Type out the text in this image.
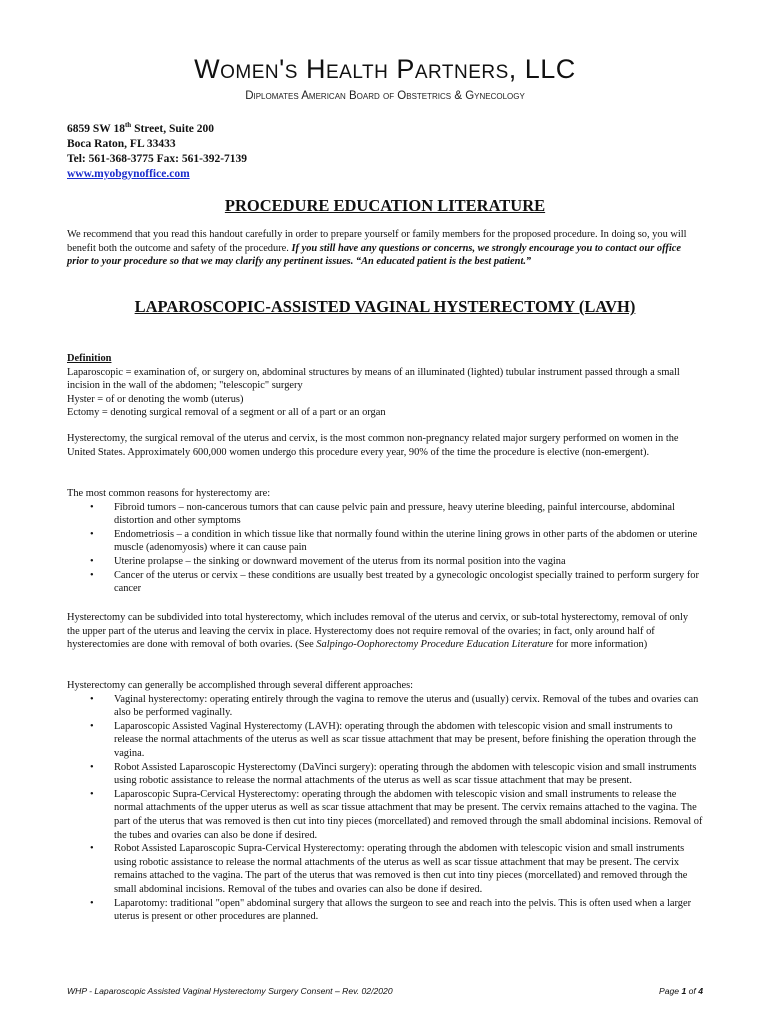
Women's Health Partners, LLC
Diplomates American Board of Obstetrics & Gynecology
6859 SW 18th Street, Suite 200
Boca Raton, FL 33433
Tel: 561-368-3775 Fax: 561-392-7139
www.myobgynoffice.com
PROCEDURE EDUCATION LITERATURE
We recommend that you read this handout carefully in order to prepare yourself or family members for the proposed procedure. In doing so, you will benefit both the outcome and safety of the procedure. If you still have any questions or concerns, we strongly encourage you to contact our office prior to your procedure so that we may clarify any pertinent issues. “An educated patient is the best patient.”
LAPAROSCOPIC-ASSISTED VAGINAL HYSTERECTOMY (LAVH)
Definition

Laparoscopic = examination of, or surgery on, abdominal structures by means of an illuminated (lighted) tubular instrument passed through a small incision in the wall of the abdomen; "telescopic" surgery

Hyster = of or denoting the womb (uterus)

Ectomy = denoting surgical removal of a segment or all of a part or an organ

Hysterectomy, the surgical removal of the uterus and cervix, is the most common non-pregnancy related major surgery performed on women in the United States. Approximately 600,000 women undergo this procedure every year, 90% of the time the procedure is elective (non-emergent).

The most common reasons for hysterectomy are:

• Fibroid tumors – non-cancerous tumors that can cause pelvic pain and pressure, heavy uterine bleeding, painful intercourse, abdominal distortion and other symptoms
• Endometriosis – a condition in which tissue like that normally found within the uterine lining grows in other parts of the abdomen or uterine muscle (adenomyosis) where it can cause pain
• Uterine prolapse – the sinking or downward movement of the uterus from its normal position into the vagina
• Cancer of the uterus or cervix – these conditions are usually best treated by a gynecologic oncologist specially trained to perform surgery for cancer

Hysterectomy can be subdivided into total hysterectomy, which includes removal of the uterus and cervix, or sub-total hysterectomy, removal of only the upper part of the uterus and leaving the cervix in place. Hysterectomy does not require removal of the ovaries; in fact, only around half of hysterectomies are done with removal of both ovaries. (See Salpingo-Oophorectomy Procedure Education Literature for more information)

Hysterectomy can generally be accomplished through several different approaches:

• Vaginal hysterectomy: operating entirely through the vagina to remove the uterus and (usually) cervix. Removal of the tubes and ovaries can also be performed vaginally.
• Laparoscopic Assisted Vaginal Hysterectomy (LAVH): operating through the abdomen with telescopic vision and small instruments to release the normal attachments of the uterus as well as scar tissue attachment that may be present, before finishing the operation through the vagina.
• Robot Assisted Laparoscopic Hysterectomy (DaVinci surgery): operating through the abdomen with telescopic vision and small instruments using robotic assistance to release the normal attachments of the uterus as well as scar tissue attachment that may be present.
• Laparoscopic Supra-Cervical Hysterectomy: operating through the abdomen with telescopic vision and small instruments to release the normal attachments of the upper uterus as well as scar tissue attachment that may be present. The cervix remains attached to the vagina. The part of the uterus that was removed is then cut into tiny pieces (morcellated) and removed through the small abdominal incisions. Removal of the tubes and ovaries can also be done if desired.
• Robot Assisted Laparoscopic Supra-Cervical Hysterectomy: operating through the abdomen with telescopic vision and small instruments using robotic assistance to release the normal attachments of the uterus as well as scar tissue attachment that may be present. The cervix remains attached to the vagina. The part of the uterus that was removed is then cut into tiny pieces (morcellated) and removed through the small abdominal incisions. Removal of the tubes and ovaries can also be done if desired.
• Laparotomy: traditional "open" abdominal surgery that allows the surgeon to see and reach into the pelvis. This is often used when a larger uterus is present or other procedures are planned.
WHP - Laparoscopic Assisted Vaginal Hysterectomy Surgery Consent – Rev. 02/2020	Page 1 of 4
